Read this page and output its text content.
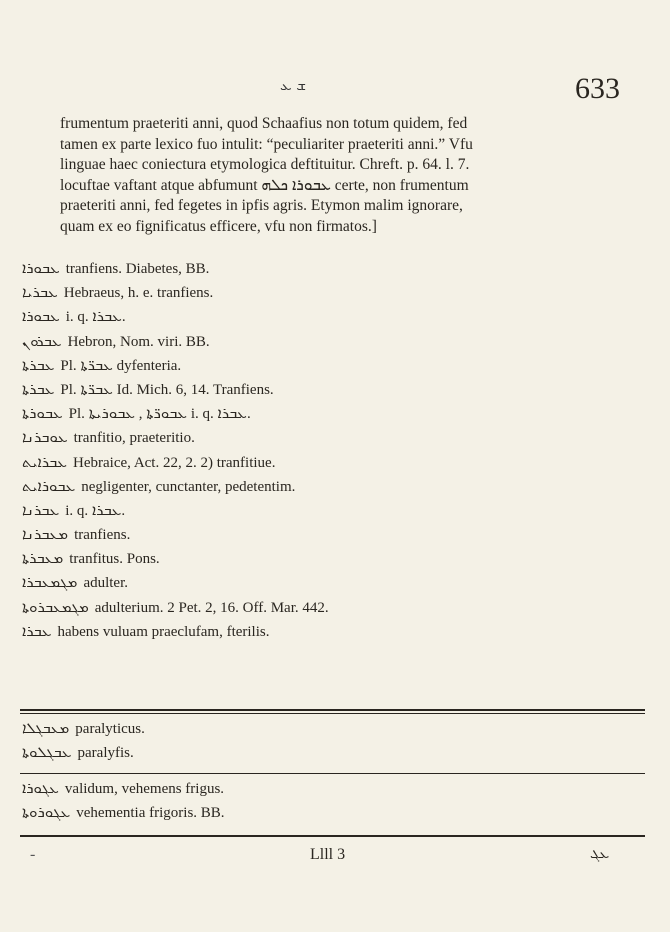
ܫ ܥ	633
frumentum praeteriti anni, quod Schaafius non totum quidem, fed
tamen ex parte lexico fuo intulit: “peculiariter praeteriti anni.” Vfu
linguae haec coniectura etymologica deftituitur. Chreft. p. 64. l. 7.
locuftae vaftant atque abfumunt ܥܒܘܪܐ ܟܠܗ certe, non frumentum
praeteriti anni, fed fegetes in ipfis agris. Etymon malim ignorare,
quam ex eo fignificatus efficere, vfu non firmatos.]
ܥܒܘܪܐ tranfiens. Diabetes, BB.
ܥܒܪܝܐ Hebraeus, h. e. tranfiens.
ܥܒܘܪܐ i. q. ܥܒܪܐ.
ܥܒܪܘܢ Hebron, Nom. viri. BB.
ܥܒܪܬܐ Pl. ܥܒܪ̈ܬܐ dyfenteria.
ܥܒܪܬܐ Pl. ܥܒܪ̈ܬܐ Id. Mich. 6, 14. Tranfiens.
ܥܒܘܪܬܐ Pl. ܥܒܘܪ̈ܬܐ , ܥܒܘܪܝܬܐ i. q. ܥܒܪܐ.
ܥܘܒܪܢܐ tranfitio, praeteritio.
ܥܒܪܐܝܬ Hebraice, Act. 22, 2. 2) tranfitiue.
ܥܒܘܪܐܝܬ negligenter, cunctanter, pedetentim.
ܥܒܪܢܐ i. q. ܥܒܪܐ.
ܡܥܒܪܢܐ tranfiens.
ܡܥܒܪܬܐ tranfitus. Pons.
ܡܓܡܥܒܪܐ adulter.
ܡܓܡܥܒܪܘܬܐ adulterium. 2 Pet. 2, 16. Off. Mar. 442.
ܥܒܪܐ habens vuluam praeclufam, fterilis.
ܡܥܒܓܠܐ paralyticus.
ܥܒܓܠܘܬܐ paralyfis.
ܥܓܘܪܐ validum, vehemens frigus.
ܥܓܘܪܘܬܐ vehementia frigoris. BB.
-	Llll 3	ܥܓ
